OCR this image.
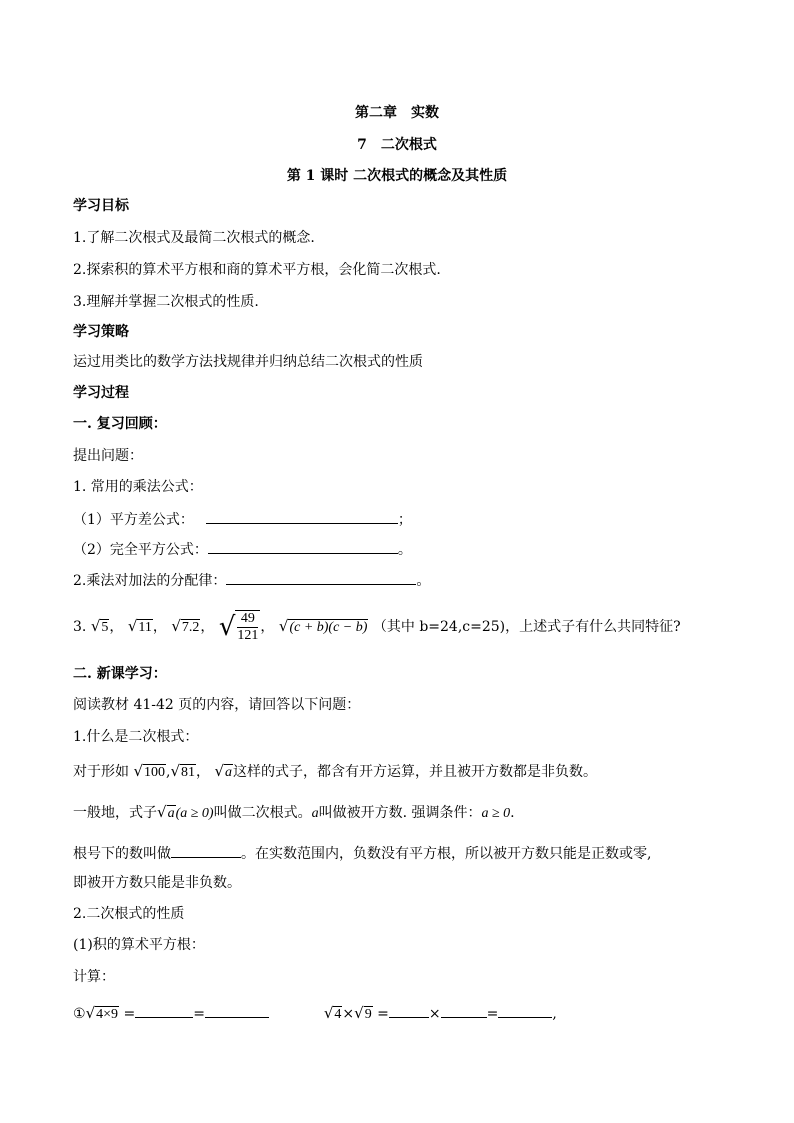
第二章　实数
7　二次根式
第 1 课时 二次根式的概念及其性质
学习目标
1.了解二次根式及最简二次根式的概念.
2.探索积的算术平方根和商的算术平方根，会化简二次根式.
3.理解并掌握二次根式的性质.
学习策略
运过用类比的数学方法找规律并归纳总结二次根式的性质
学习过程
一. 复习回顾：
提出问题：
1. 常用的乘法公式：
（1）平方差公式：	；
（2）完全平方公式：	。
2.乘法对加法的分配律：	。
3. √5， √11， √7.2， √ $\frac{49}{121}$ ， √(c + b)(c − b) （其中 b=24,c=25)，上述式子有什么共同特征?
二. 新课学习：
阅读教材 41-42 页的内容，请回答以下问题：
1.什么是二次根式：
对于形如 √100,√81， √a这样的式子，都含有开方运算，并且被开方数都是非负数。
一般地，式子√a(a ≥ 0)叫做二次根式。a叫做被开方数. 强调条件：a ≥ 0.
根号下的数叫做	。在实数范围内，负数没有平方根，所以被开方数只能是正数或零,
即被开方数只能是非负数。
2.二次根式的性质
(1)积的算术平方根：
计算：
①√4×9 =	=	√4×√9 =	×	=	,
